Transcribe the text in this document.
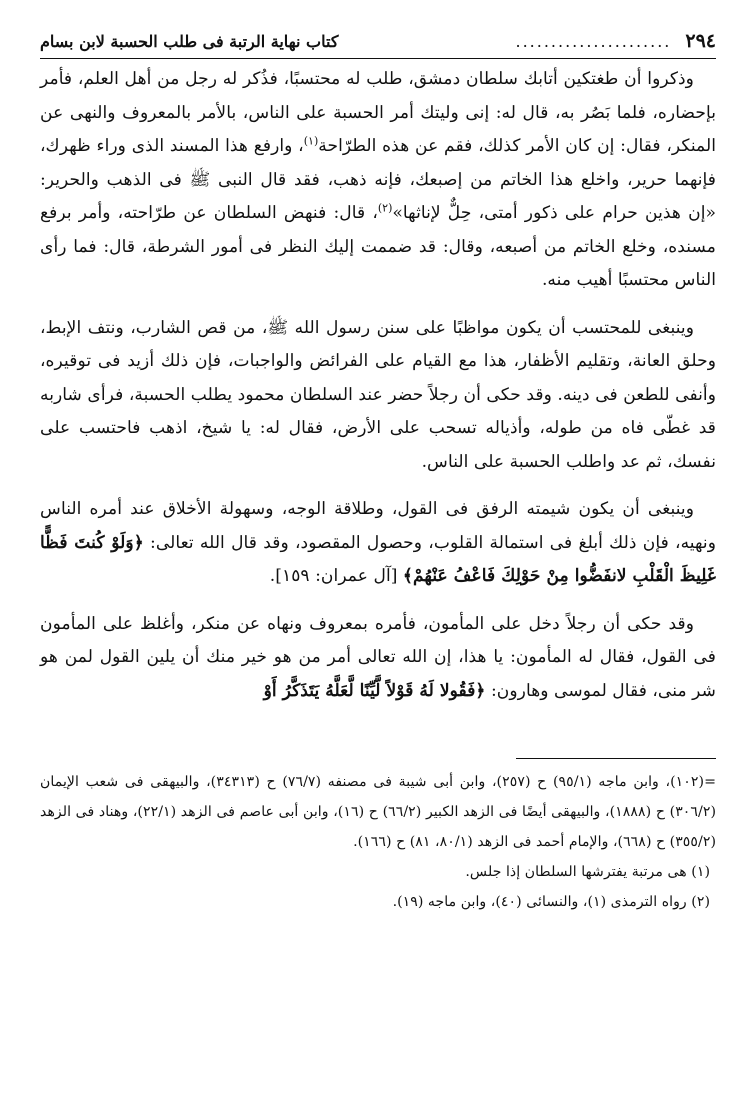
٢٩٤
......................
كتاب نهاية الرتبة فى طلب الحسبة لابن بسام

وذكروا أن طغتكين أتابك سلطان دمشق، طلب له محتسبًا، فذُكر له رجل من أهل العلم، فأمر بإحضاره، فلما بَصُر به، قال له: إنى وليتك أمر الحسبة على الناس، بالأمر بالمعروف والنهى عن المنكر، فقال: إن كان الأمر كذلك، فقم عن هذه الطرّاحة$^{(١)}$، وارفع هذا المسند الذى وراء ظهرك، فإنهما حرير، واخلع هذا الخاتم من إصبعك، فإنه ذهب، فقد قال النبى ﷺ فى الذهب والحرير: «إن هذين حرام على ذكور أمتى، حِلٌّ لإناثها»$^{(٢)}$، قال: فنهض السلطان عن طرّاحته، وأمر برفع مسنده، وخلع الخاتم من أصبعه، وقال: قد ضممت إليك النظر فى أمور الشرطة، قال: فما رأى الناس محتسبًا أهيب منه.

وينبغى للمحتسب أن يكون مواظبًا على سنن رسول الله ﷺ، من قص الشارب، ونتف الإبط، وحلق العانة، وتقليم الأظفار، هذا مع القيام على الفرائض والواجبات، فإن ذلك أزيد فى توقيره، وأنفى للطعن فى دينه. وقد حكى أن رجلاً حضر عند السلطان محمود يطلب الحسبة، فرأى شاربه قد غطّى فاه من طوله، وأذياله تسحب على الأرض، فقال له: يا شيخ، اذهب فاحتسب على نفسك، ثم عد واطلب الحسبة على الناس.

وينبغى أن يكون شيمته الرفق فى القول، وطلاقة الوجه، وسهولة الأخلاق عند أمره الناس ونهيه، فإن ذلك أبلغ فى استمالة القلوب، وحصول المقصود، وقد قال الله تعالى: ﴿وَلَوْ كُنتَ فَظًّا غَلِيظَ الْقَلْبِ لانفَضُّوا مِنْ حَوْلِكَ فَاعْفُ عَنْهُمْ﴾ [آل عمران: ١٥٩].

وقد حكى أن رجلاً دخل على المأمون، فأمره بمعروف ونهاه عن منكر، وأغلظ على المأمون فى القول، فقال له المأمون: يا هذا، إن الله تعالى أمر من هو خير منك أن يلين القول لمن هو شر منى، فقال لموسى وهارون: ﴿فَقُولا لَهُ قَوْلاً لَّيِّنًا لَّعَلَّهُ يَتَذَكَّرُ أَوْ

=(١٠٢)، وابن ماجه (٩٥/١) ح (٢٥٧)، وابن أبى شيبة فى مصنفه (٧٦/٧) ح (٣٤٣١٣)، والبيهقى فى شعب الإيمان (٣٠٦/٢) ح (١٨٨٨)، والبيهقى أيضًا فى الزهد الكبير (٦٦/٢) ح (١٦)، وابن أبى عاصم فى الزهد (٢٢/١)، وهناد فى الزهد (٣٥٥/٢) ح (٦٦٨)، والإمام أحمد فى الزهد (٨٠/١، ٨١) ح (١٦٦).

(١) هى مرتبة يفترشها السلطان إذا جلس.

(٢) رواه الترمذى (١)، والنسائى (٤٠)، وابن ماجه (١٩).
